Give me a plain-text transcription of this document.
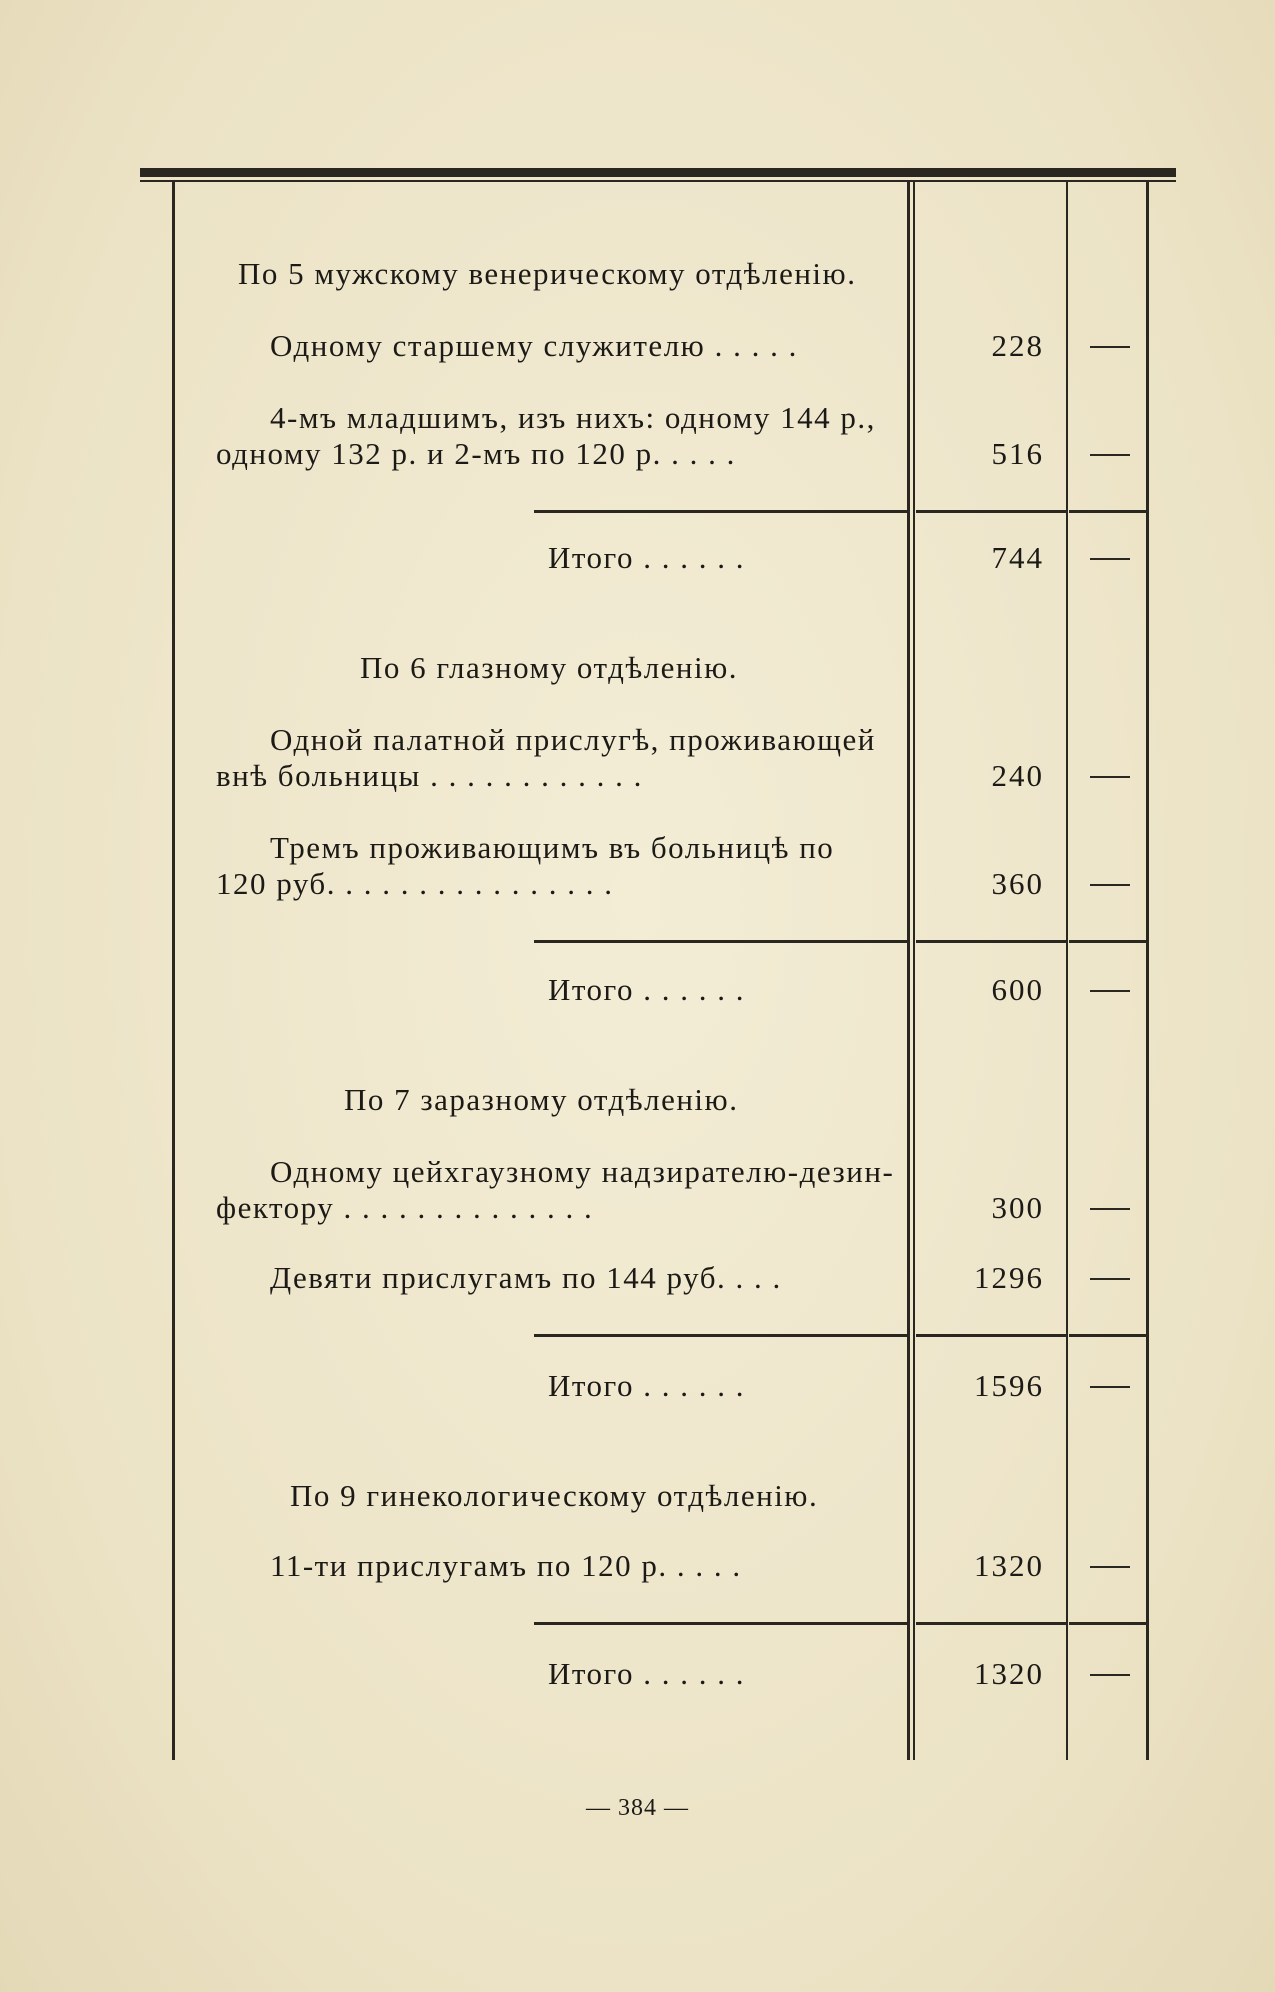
По 5 мужскому венерическому отдѣленію.
Одному старшему служителю . . . . .	228
4-мъ младшимъ, изъ нихъ: одному 144 р.,
одному 132 р. и 2-мъ по 120 р. . . . .	516
Итого . . . . . .	744
По 6 глазному отдѣленію.
Одной палатной прислугѣ, проживающей
внѣ больницы . . . . . . . . . . . .	240
Тремъ проживающимъ въ больницѣ по
120 руб. . . . . . . . . . . . . . . .	360
Итого . . . . . .	600
По 7 заразному отдѣленію.
Одному цейхгаузному надзирателю-дезин-
фектору . . . . . . . . . . . . . .	300
Девяти прислугамъ по 144 руб. . . .	1296
Итого . . . . . .	1596
По 9 гинекологическому отдѣленію.
11-ти прислугамъ по 120 р. . . . .	1320
Итого . . . . . .	1320
— 384 —
